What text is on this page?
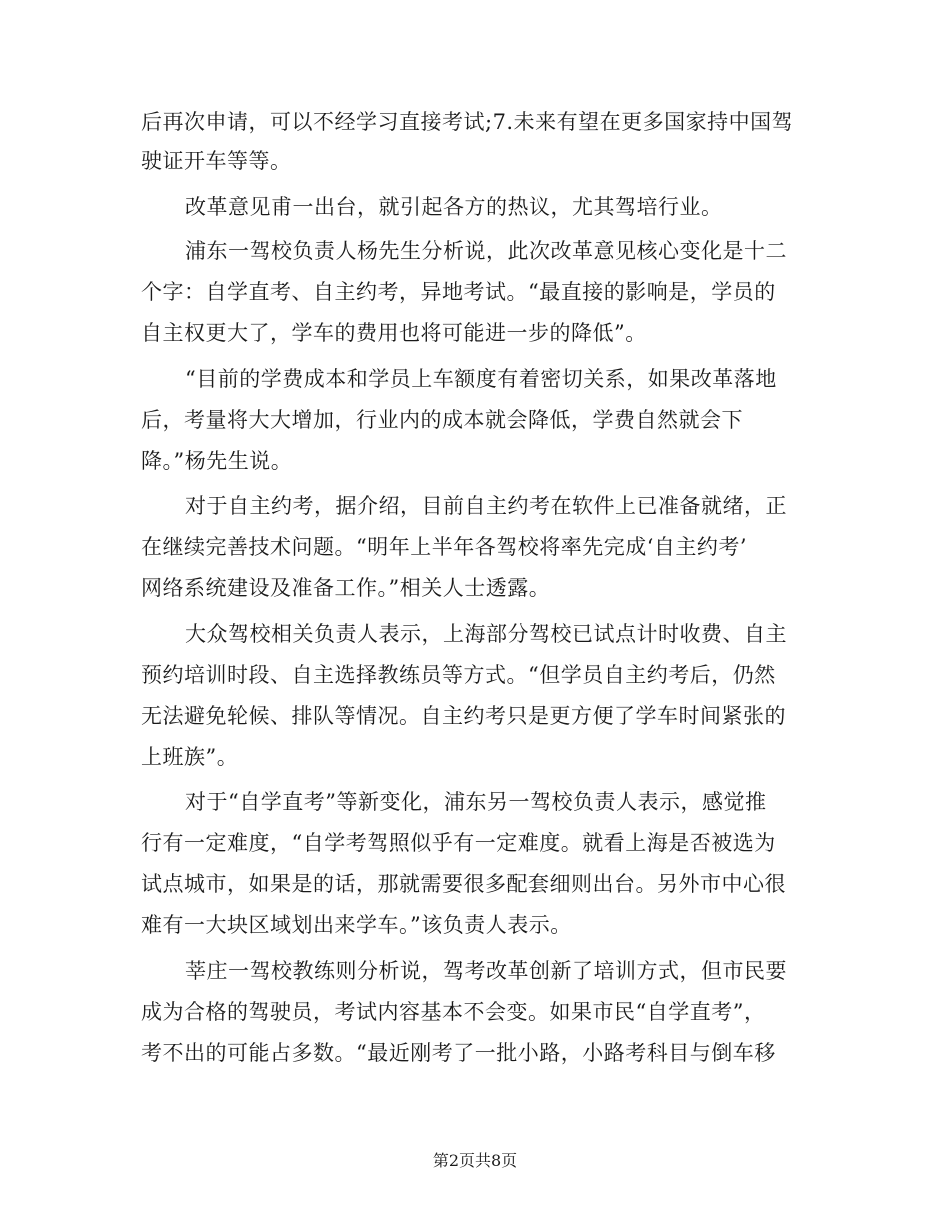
后再次申请，可以不经学习直接考试;7.未来有望在更多国家持中国驾
驶证开车等等。
改革意见甫一出台，就引起各方的热议，尤其驾培行业。
浦东一驾校负责人杨先生分析说，此次改革意见核心变化是十二
个字：自学直考、自主约考，异地考试。“最直接的影响是，学员的
自主权更大了，学车的费用也将可能进一步的降低”。
“目前的学费成本和学员上车额度有着密切关系，如果改革落地
后，考量将大大增加，行业内的成本就会降低，学费自然就会下
降。”杨先生说。
对于自主约考，据介绍，目前自主约考在软件上已准备就绪，正
在继续完善技术问题。“明年上半年各驾校将率先完成‘自主约考’
网络系统建设及准备工作。”相关人士透露。
大众驾校相关负责人表示，上海部分驾校已试点计时收费、自主
预约培训时段、自主选择教练员等方式。“但学员自主约考后，仍然
无法避免轮候、排队等情况。自主约考只是更方便了学车时间紧张的
上班族”。
对于“自学直考”等新变化，浦东另一驾校负责人表示，感觉推
行有一定难度，“自学考驾照似乎有一定难度。就看上海是否被选为
试点城市，如果是的话，那就需要很多配套细则出台。另外市中心很
难有一大块区域划出来学车。”该负责人表示。
莘庄一驾校教练则分析说，驾考改革创新了培训方式，但市民要
成为合格的驾驶员，考试内容基本不会变。如果市民“自学直考”，
考不出的可能占多数。“最近刚考了一批小路，小路考科目与倒车移
第2页共8页
